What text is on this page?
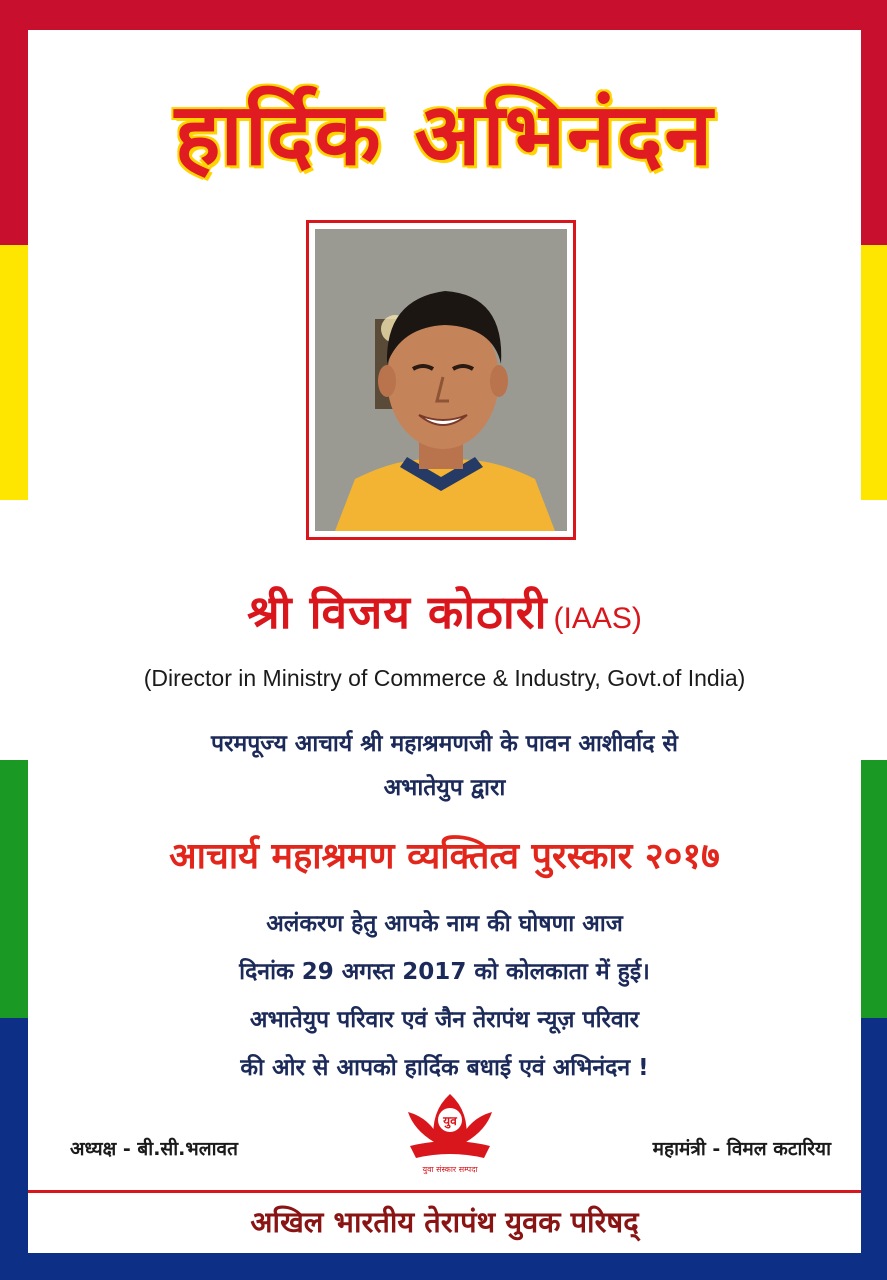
हार्दिक अभिनंदन
श्री विजय कोठारी (IAAS)
(Director in Ministry of Commerce & Industry, Govt.of India)
परमपूज्य आचार्य श्री महाश्रमणजी के पावन आशीर्वाद से
अभातेयुप द्वारा
आचार्य महाश्रमण व्यक्तित्व पुरस्कार २०१७
अलंकरण हेतु आपके नाम की घोषणा आज
दिनांक 29 अगस्त 2017 को कोलकाता में हुई।
अभातेयुप परिवार एवं जैन तेरापंथ न्यूज़ परिवार
की ओर से आपको हार्दिक बधाई एवं अभिनंदन !
अध्यक्ष - बी.सी.भलावत
युव
युवा संस्कार सम्पदा
महामंत्री - विमल कटारिया
अखिल भारतीय तेरापंथ युवक परिषद्
